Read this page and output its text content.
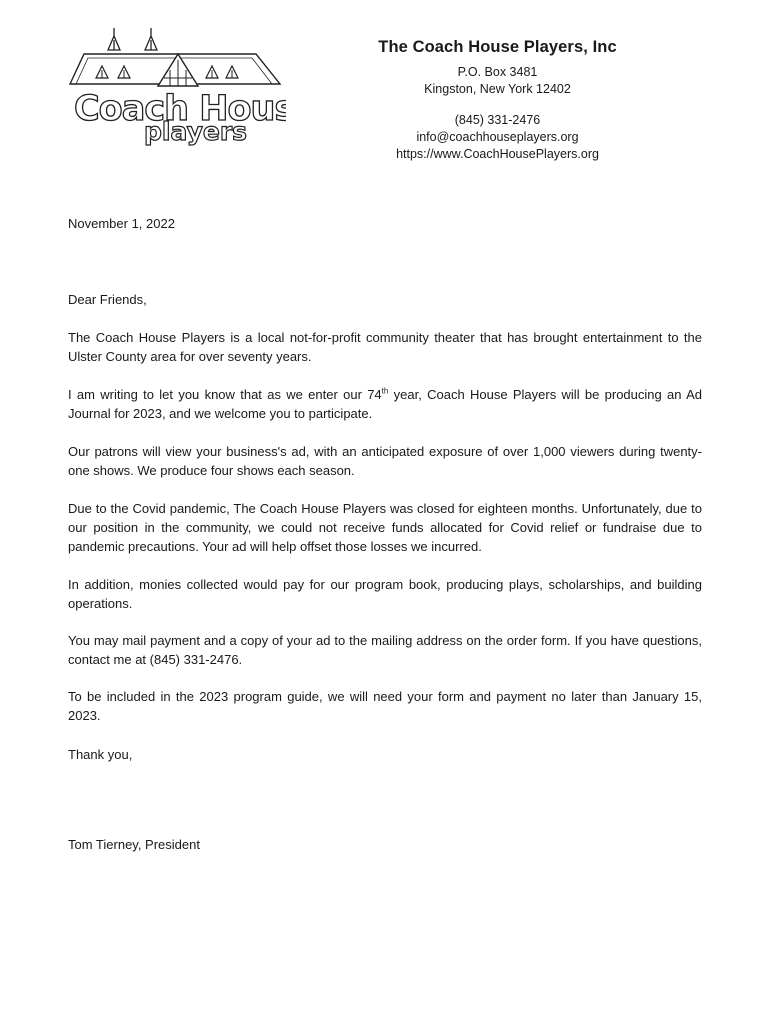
Coach Hous
players
The Coach House Players, Inc
P.O. Box 3481
Kingston, New York 12402
(845) 331-2476
info@coachhouseplayers.org
https://www.CoachHousePlayers.org
November 1, 2022
Dear Friends,
The Coach House Players is a local not-for-profit community theater that has brought entertainment to the Ulster County area for over seventy years.
I am writing to let you know that as we enter our 74th year, Coach House Players will be producing an Ad Journal for 2023, and we welcome you to participate.
Our patrons will view your business's ad, with an anticipated exposure of over 1,000 viewers during twenty-one shows. We produce four shows each season.
Due to the Covid pandemic, The Coach House Players was closed for eighteen months. Unfortunately, due to our position in the community, we could not receive funds allocated for Covid relief or fundraise due to pandemic precautions. Your ad will help offset those losses we incurred.
In addition, monies collected would pay for our program book, producing plays, scholarships, and building operations.
You may mail payment and a copy of your ad to the mailing address on the order form. If you have questions, contact me at (845) 331-2476.
To be included in the 2023 program guide, we will need your form and payment no later than January 15, 2023.
Thank you,
Tom Tierney, President
